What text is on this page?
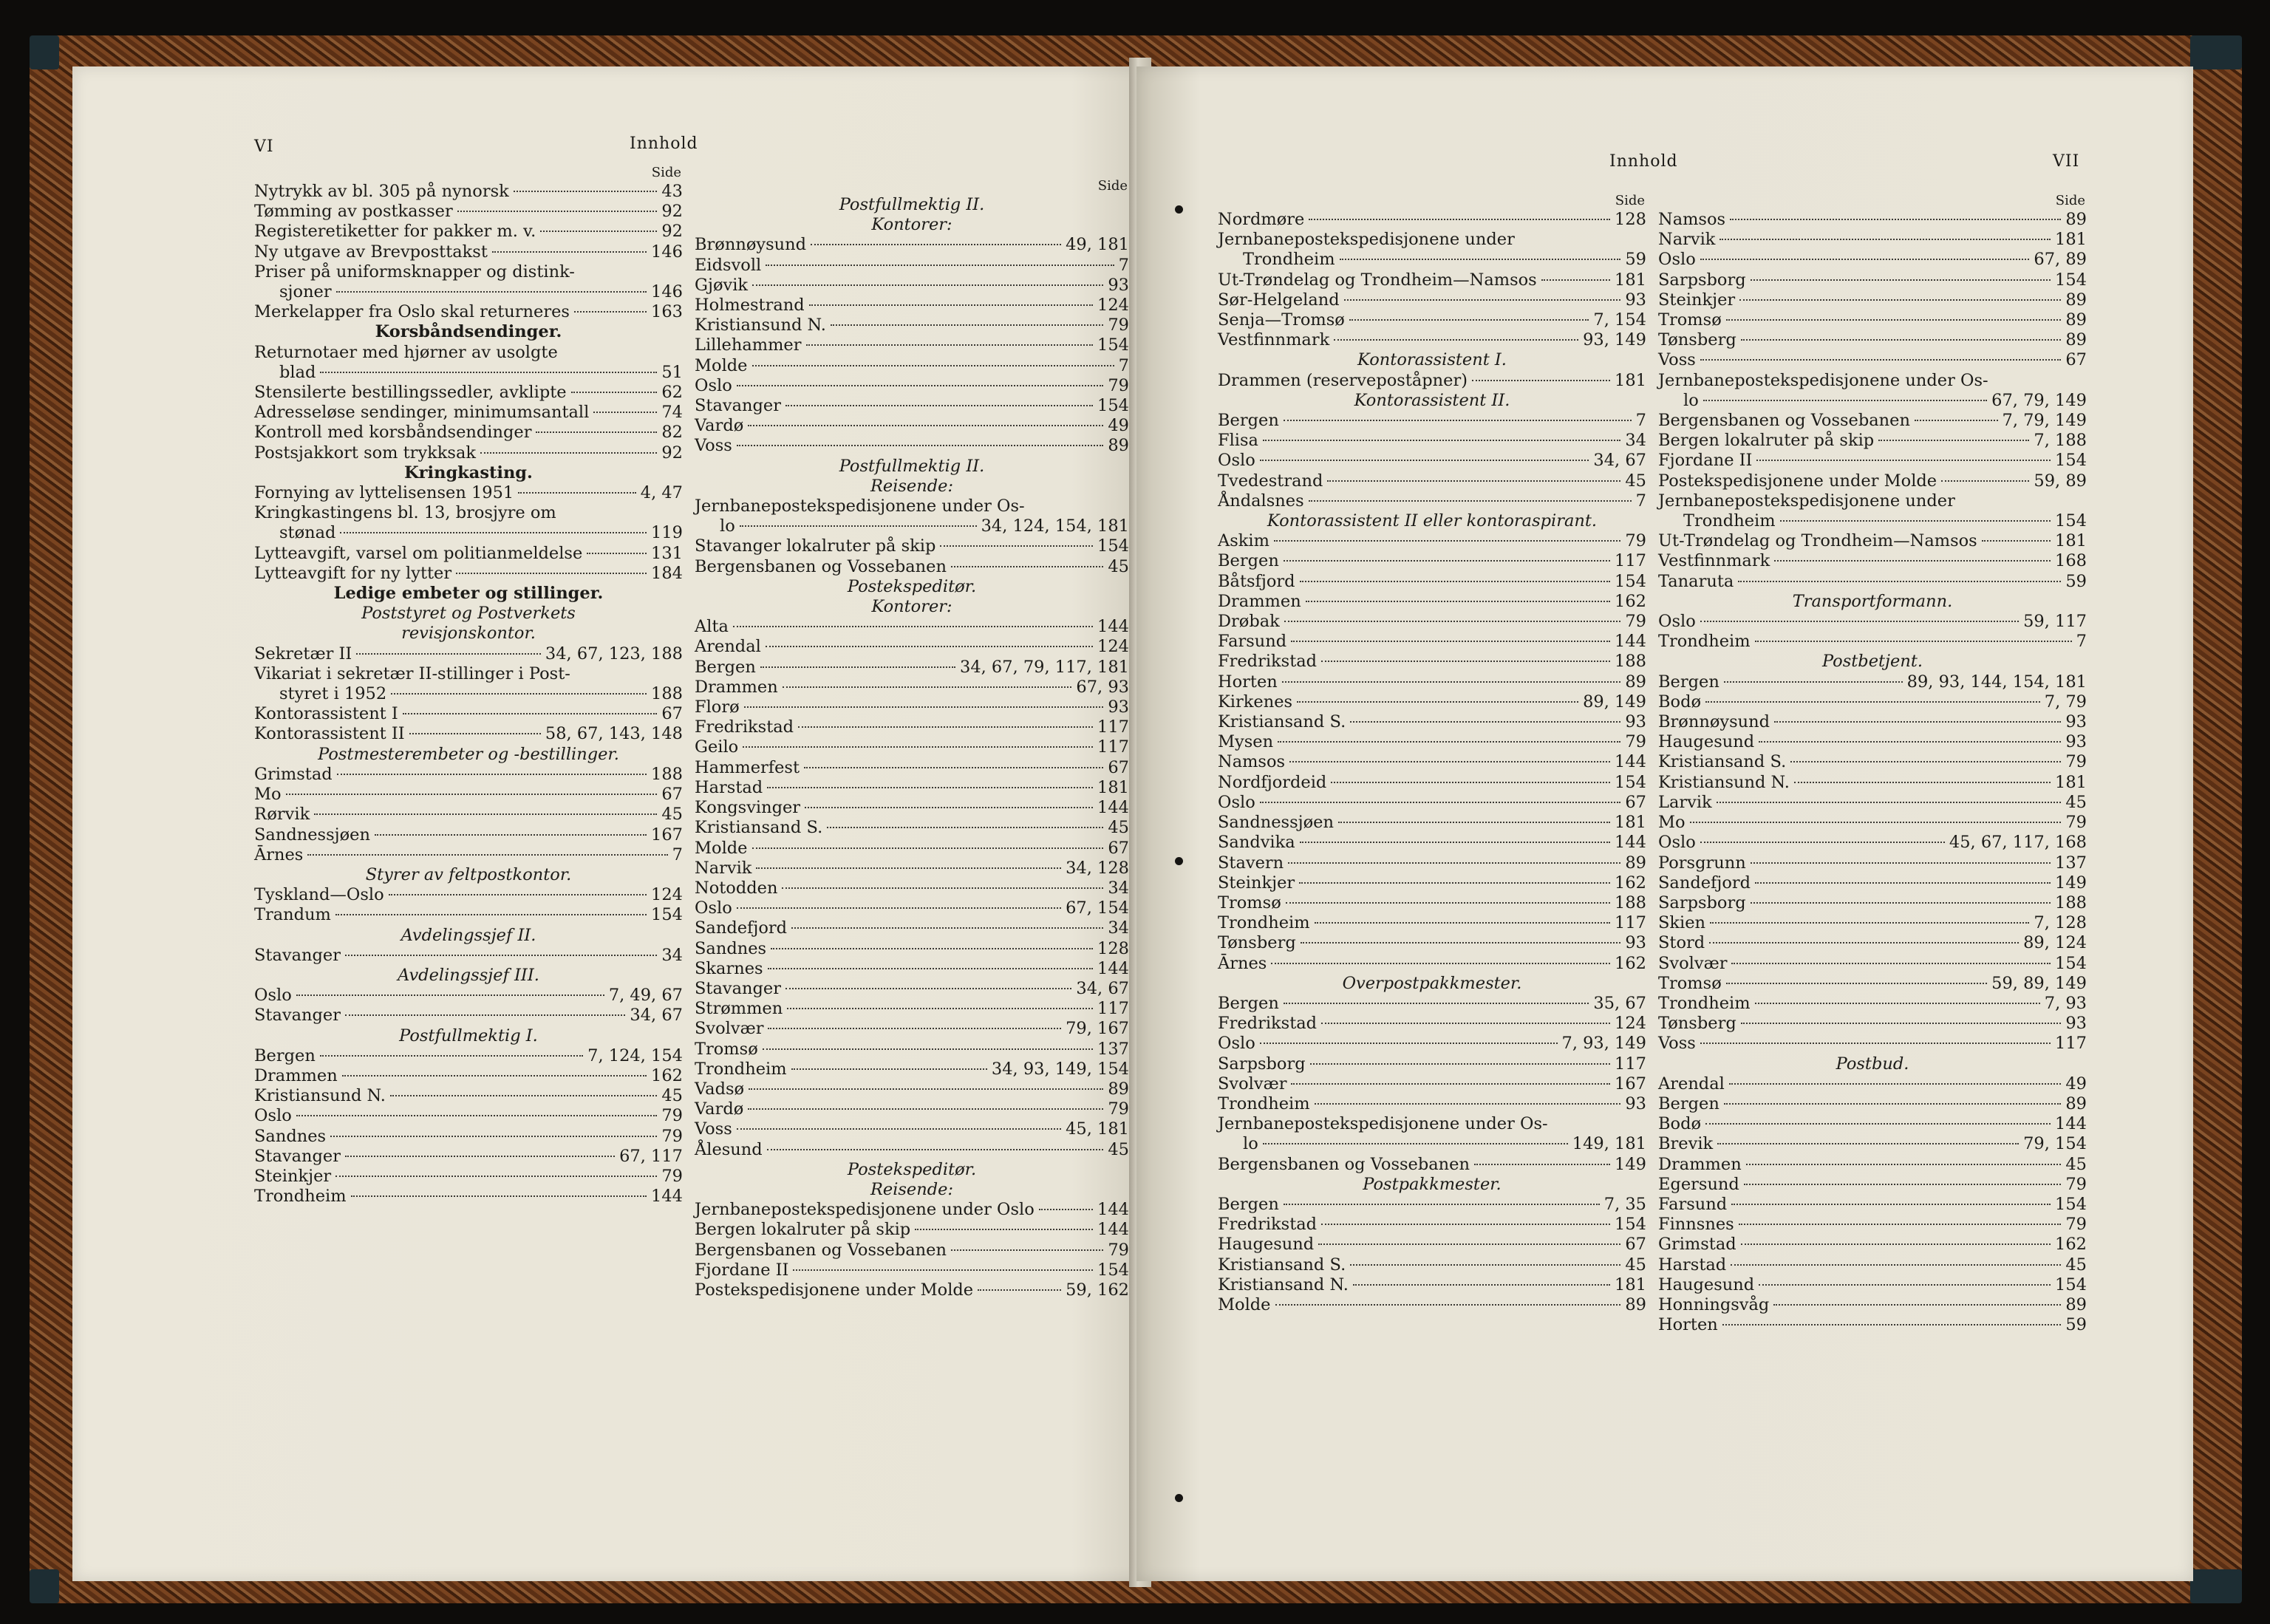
VI	Innhold
Side
Nytrykk av bl. 305 på nynorsk	43
Tømming av postkasser	92
Registeretiketter for pakker m. v.	92
Ny utgave av Brevposttakst	146
Priser på uniformsknapper og distink-
sjoner	146
Merkelapper fra Oslo skal returneres	163
Korsbåndsendinger.
Returnotaer med hjørner av usolgte
blad	51
Stensilerte bestillingssedler, avklipte	62
Adresseløse sendinger, minimumsantall	74
Kontroll med korsbåndsendinger	82
Postsjakkort som trykksak	92
Kringkasting.
Fornying av lyttelisensen 1951	4, 47
Kringkastingens bl. 13, brosjyre om
stønad	119
Lytteavgift, varsel om politianmeldelse	131
Lytteavgift for ny lytter	184
Ledige embeter og stillinger.
Poststyret og Postverkets
revisjonskontor.
Sekretær II	34, 67, 123, 188
Vikariat i sekretær II-stillinger i Post-
styret i 1952	188
Kontorassistent I	67
Kontorassistent II	58, 67, 143, 148
Postmesterembeter og -bestillinger.
Grimstad	188
Mo	67
Rørvik	45
Sandnessjøen	167
Ārnes	7
Styrer av feltpostkontor.
Tyskland—Oslo	124
Trandum	154
Avdelingssjef II.
Stavanger	34
Avdelingssjef III.
Oslo	7, 49, 67
Stavanger	34, 67
Postfullmektig I.
Bergen	7, 124, 154
Drammen	162
Kristiansund N.	45
Oslo	79
Sandnes	79
Stavanger	67, 117
Steinkjer	79
Trondheim	144
Side
Postfullmektig II.
Kontorer:
Brønnøysund	49, 181
Eidsvoll	7
Gjøvik	93
Holmestrand	124
Kristiansund N.	79
Lillehammer	154
Molde	7
Oslo	79
Stavanger	154
Vardø	49
Voss	89
Postfullmektig II.
Reisende:
Jernbanepostekspedisjonene under Os-
lo	34, 124, 154, 181
Stavanger lokalruter på skip	154
Bergensbanen og Vossebanen	45
Postekspeditør.
Kontorer:
Alta	144
Arendal	124
Bergen	34, 67, 79, 117, 181
Drammen	67, 93
Florø	93
Fredrikstad	117
Geilo	117
Hammerfest	67
Harstad	181
Kongsvinger	144
Kristiansand S.	45
Molde	67
Narvik	34, 128
Notodden	34
Oslo	67, 154
Sandefjord	34
Sandnes	128
Skarnes	144
Stavanger	34, 67
Strømmen	117
Svolvær	79, 167
Tromsø	137
Trondheim	34, 93, 149, 154
Vadsø	89
Vardø	79
Voss	45, 181
Ålesund	45
Postekspeditør.
Reisende:
Jernbanepostekspedisjonene under Oslo	144
Bergen lokalruter på skip	144
Bergensbanen og Vossebanen	79
Fjordane II	154
Postekspedisjonene under Molde	59, 162
Innhold	VII
Side
Nordmøre	128
Jernbanepostekspedisjonene under
Trondheim	59
Ut-Trøndelag og Trondheim—Namsos	181
Sør-Helgeland	93
Senja—Tromsø	7, 154
Vestfinnmark	93, 149
Kontorassistent I.
Drammen (reservepoståpner)	181
Kontorassistent II.
Bergen	7
Flisa	34
Oslo	34, 67
Tvedestrand	45
Åndalsnes	7
Kontorassistent II eller kontoraspirant.
Askim	79
Bergen	117
Båtsfjord	154
Drammen	162
Drøbak	79
Farsund	144
Fredrikstad	188
Horten	89
Kirkenes	89, 149
Kristiansand S.	93
Mysen	79
Namsos	144
Nordfjordeid	154
Oslo	67
Sandnessjøen	181
Sandvika	144
Stavern	89
Steinkjer	162
Tromsø	188
Trondheim	117
Tønsberg	93
Ārnes	162
Overpostpakkmester.
Bergen	35, 67
Fredrikstad	124
Oslo	7, 93, 149
Sarpsborg	117
Svolvær	167
Trondheim	93
Jernbanepostekspedisjonene under Os-
lo	149, 181
Bergensbanen og Vossebanen	149
Postpakkmester.
Bergen	7, 35
Fredrikstad	154
Haugesund	67
Kristiansand S.	45
Kristiansand N.	181
Molde	89
Side
Namsos	89
Narvik	181
Oslo	67, 89
Sarpsborg	154
Steinkjer	89
Tromsø	89
Tønsberg	89
Voss	67
Jernbanepostekspedisjonene under Os-
lo	67, 79, 149
Bergensbanen og Vossebanen	7, 79, 149
Bergen lokalruter på skip	7, 188
Fjordane II	154
Postekspedisjonene under Molde	59, 89
Jernbanepostekspedisjonene under
Trondheim	154
Ut-Trøndelag og Trondheim—Namsos	181
Vestfinnmark	168
Tanaruta	59
Transportformann.
Oslo	59, 117
Trondheim	7
Postbetjent.
Bergen	89, 93, 144, 154, 181
Bodø	7, 79
Brønnøysund	93
Haugesund	93
Kristiansand S.	79
Kristiansund N.	181
Larvik	45
Mo	79
Oslo	45, 67, 117, 168
Porsgrunn	137
Sandefjord	149
Sarpsborg	188
Skien	7, 128
Stord	89, 124
Svolvær	154
Tromsø	59, 89, 149
Trondheim	7, 93
Tønsberg	93
Voss	117
Postbud.
Arendal	49
Bergen	89
Bodø	144
Brevik	79, 154
Drammen	45
Egersund	79
Farsund	154
Finnsnes	79
Grimstad	162
Harstad	45
Haugesund	154
Honningsvåg	89
Horten	59
